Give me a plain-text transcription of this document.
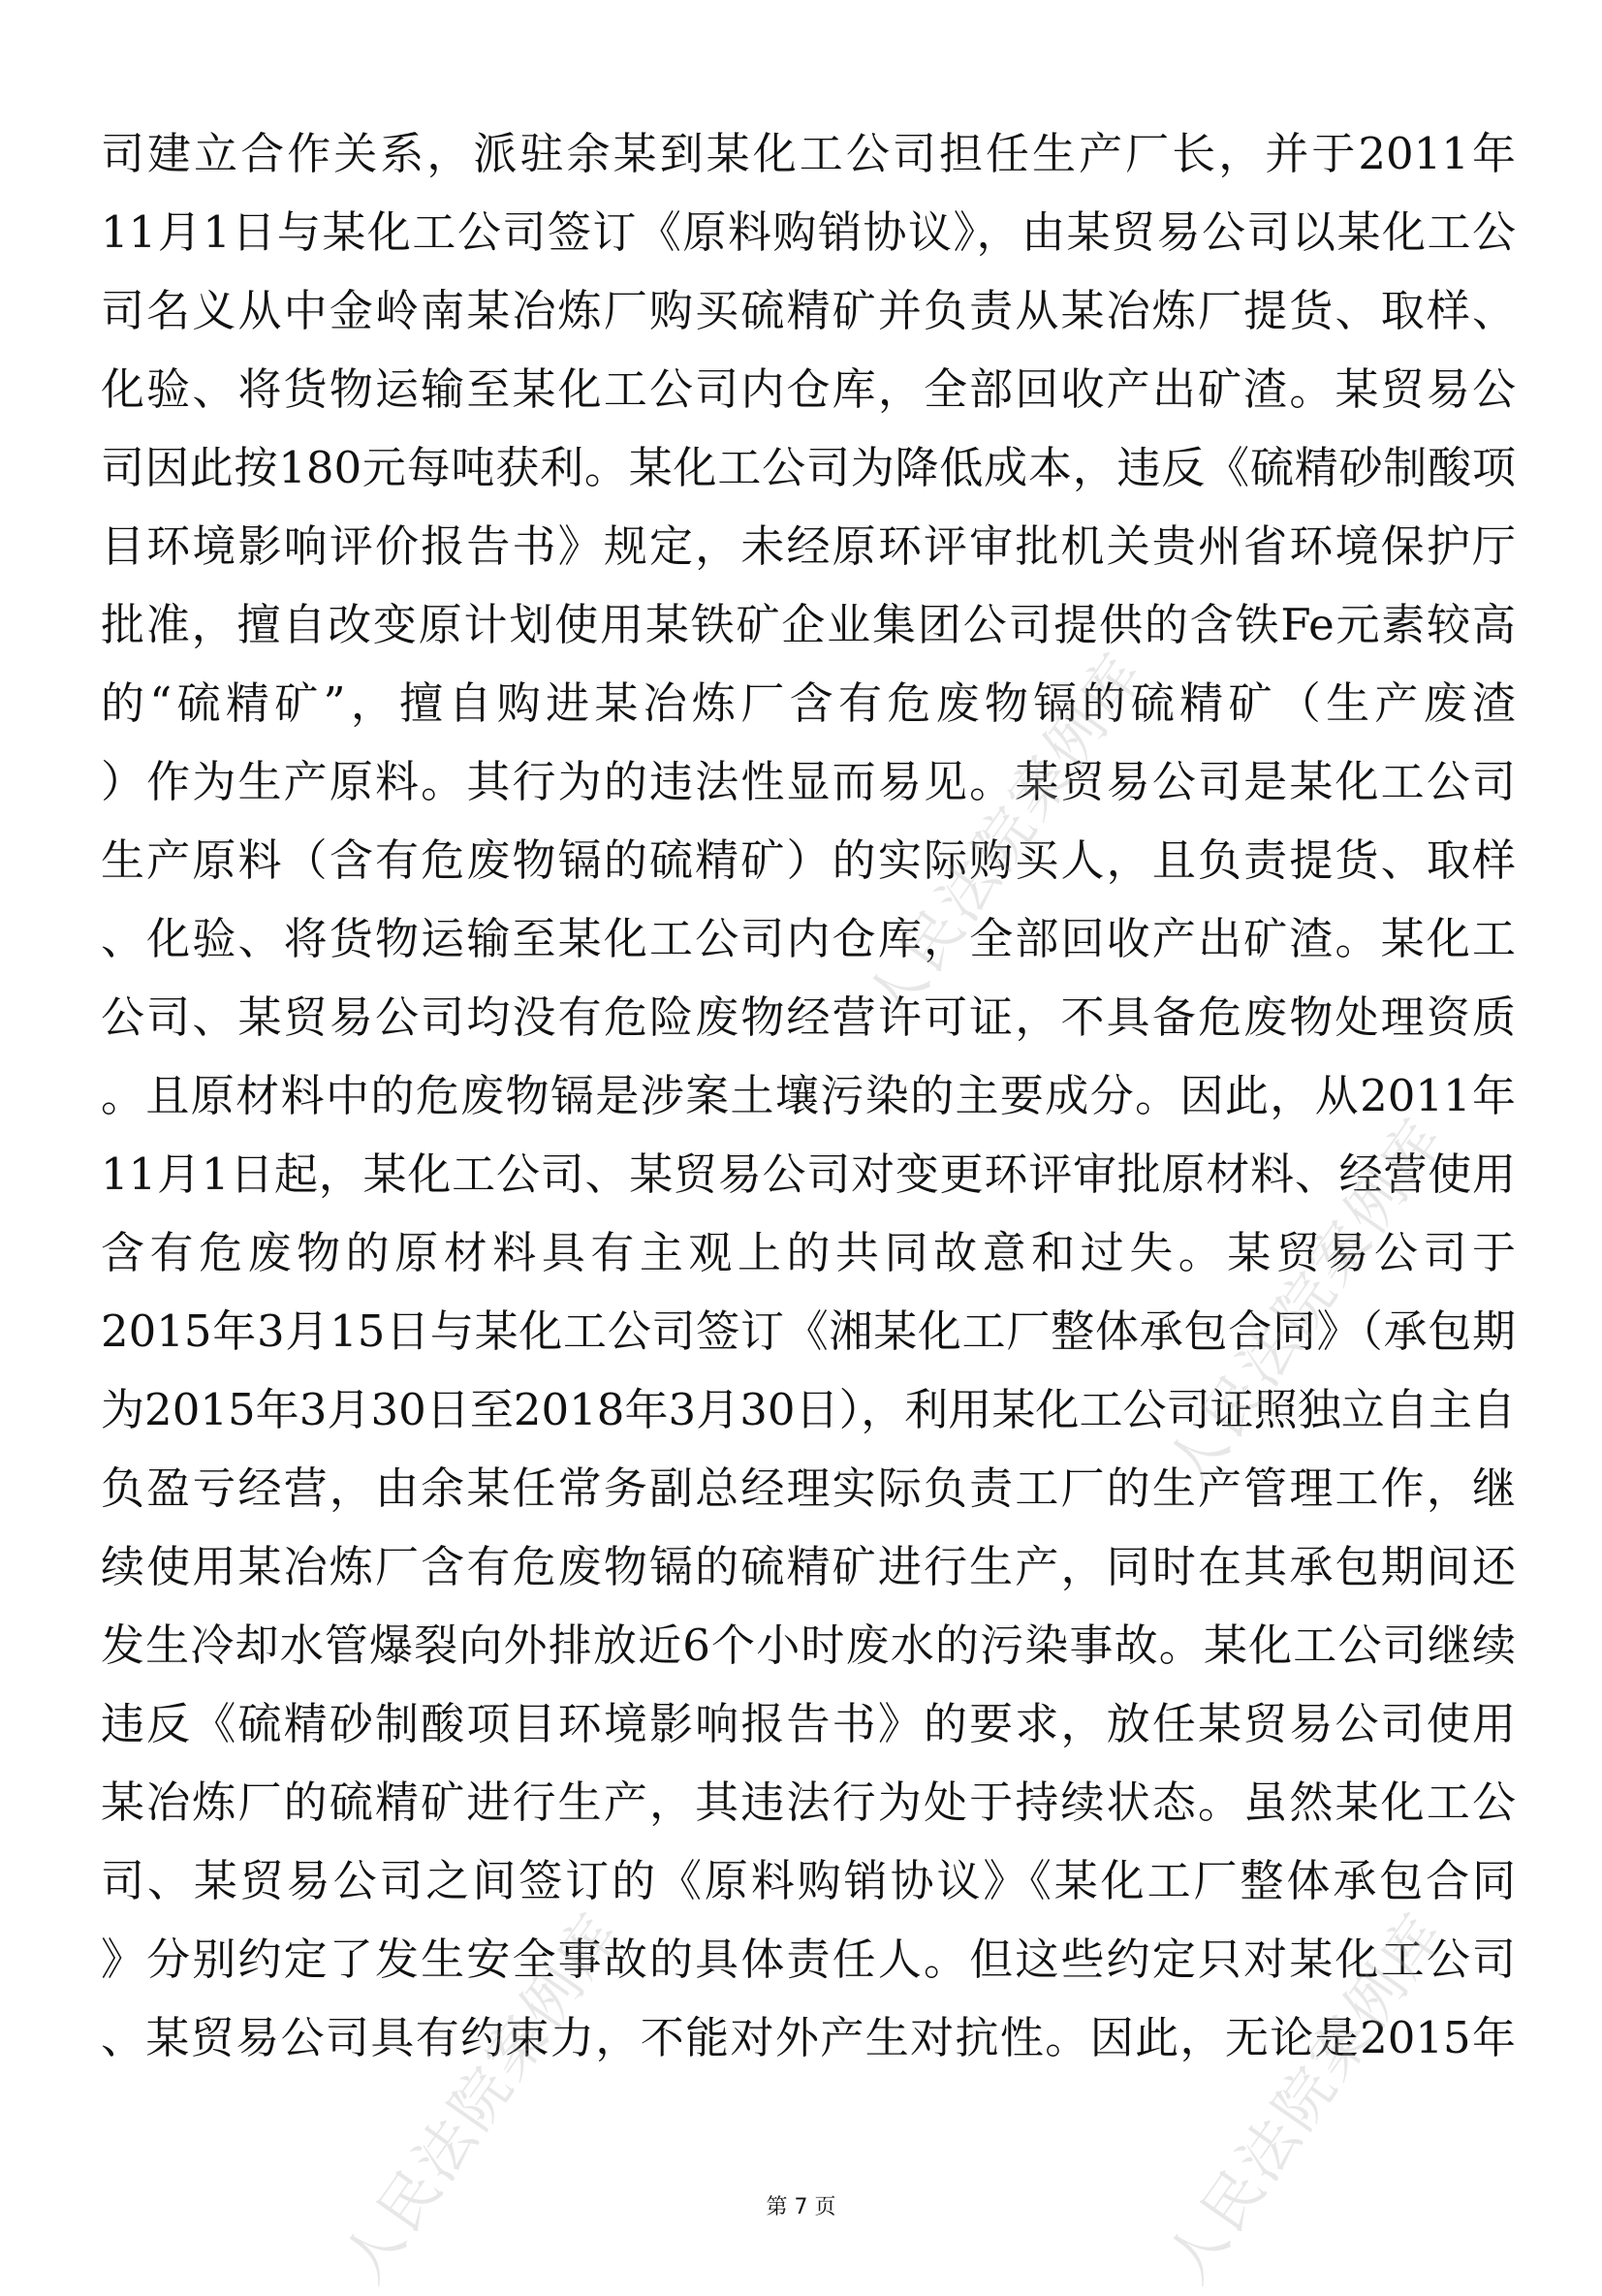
司建立合作关系，派驻余某到某化工公司担任生产厂长，并于2011年
11月1日与某化工公司签订《原料购销协议》，由某贸易公司以某化工公
司名义从中金岭南某冶炼厂购买硫精矿并负责从某冶炼厂提货、取样、
化验、将货物运输至某化工公司内仓库，全部回收产出矿渣。某贸易公
司因此按180元每吨获利。某化工公司为降低成本，违反《硫精砂制酸项
目环境影响评价报告书》规定，未经原环评审批机关贵州省环境保护厅
批准，擅自改变原计划使用某铁矿企业集团公司提供的含铁Fe元素较高
的“硫精矿”，擅自购进某冶炼厂含有危废物镉的硫精矿（生产废渣
）作为生产原料。其行为的违法性显而易见。某贸易公司是某化工公司
生产原料（含有危废物镉的硫精矿）的实际购买人，且负责提货、取样
、化验、将货物运输至某化工公司内仓库，全部回收产出矿渣。某化工
公司、某贸易公司均没有危险废物经营许可证，不具备危废物处理资质
。且原材料中的危废物镉是涉案土壤污染的主要成分。因此，从2011年
11月1日起，某化工公司、某贸易公司对变更环评审批原材料、经营使用
含有危废物的原材料具有主观上的共同故意和过失。某贸易公司于
2015年3月15日与某化工公司签订《湘某化工厂整体承包合同》（承包期
为2015年3月30日至2018年3月30日），利用某化工公司证照独立自主自
负盈亏经营，由余某任常务副总经理实际负责工厂的生产管理工作，继
续使用某冶炼厂含有危废物镉的硫精矿进行生产，同时在其承包期间还
发生冷却水管爆裂向外排放近6个小时废水的污染事故。某化工公司继续
违反《硫精砂制酸项目环境影响报告书》的要求，放任某贸易公司使用
某冶炼厂的硫精矿进行生产，其违法行为处于持续状态。虽然某化工公
司、某贸易公司之间签订的《原料购销协议》《某化工厂整体承包合同
》分别约定了发生安全事故的具体责任人。但这些约定只对某化工公司
、某贸易公司具有约束力，不能对外产生对抗性。因此，无论是2015年
人民法院案例库
人民法院案例库
人民法院案例库	人民法院案例库
第 7 页
